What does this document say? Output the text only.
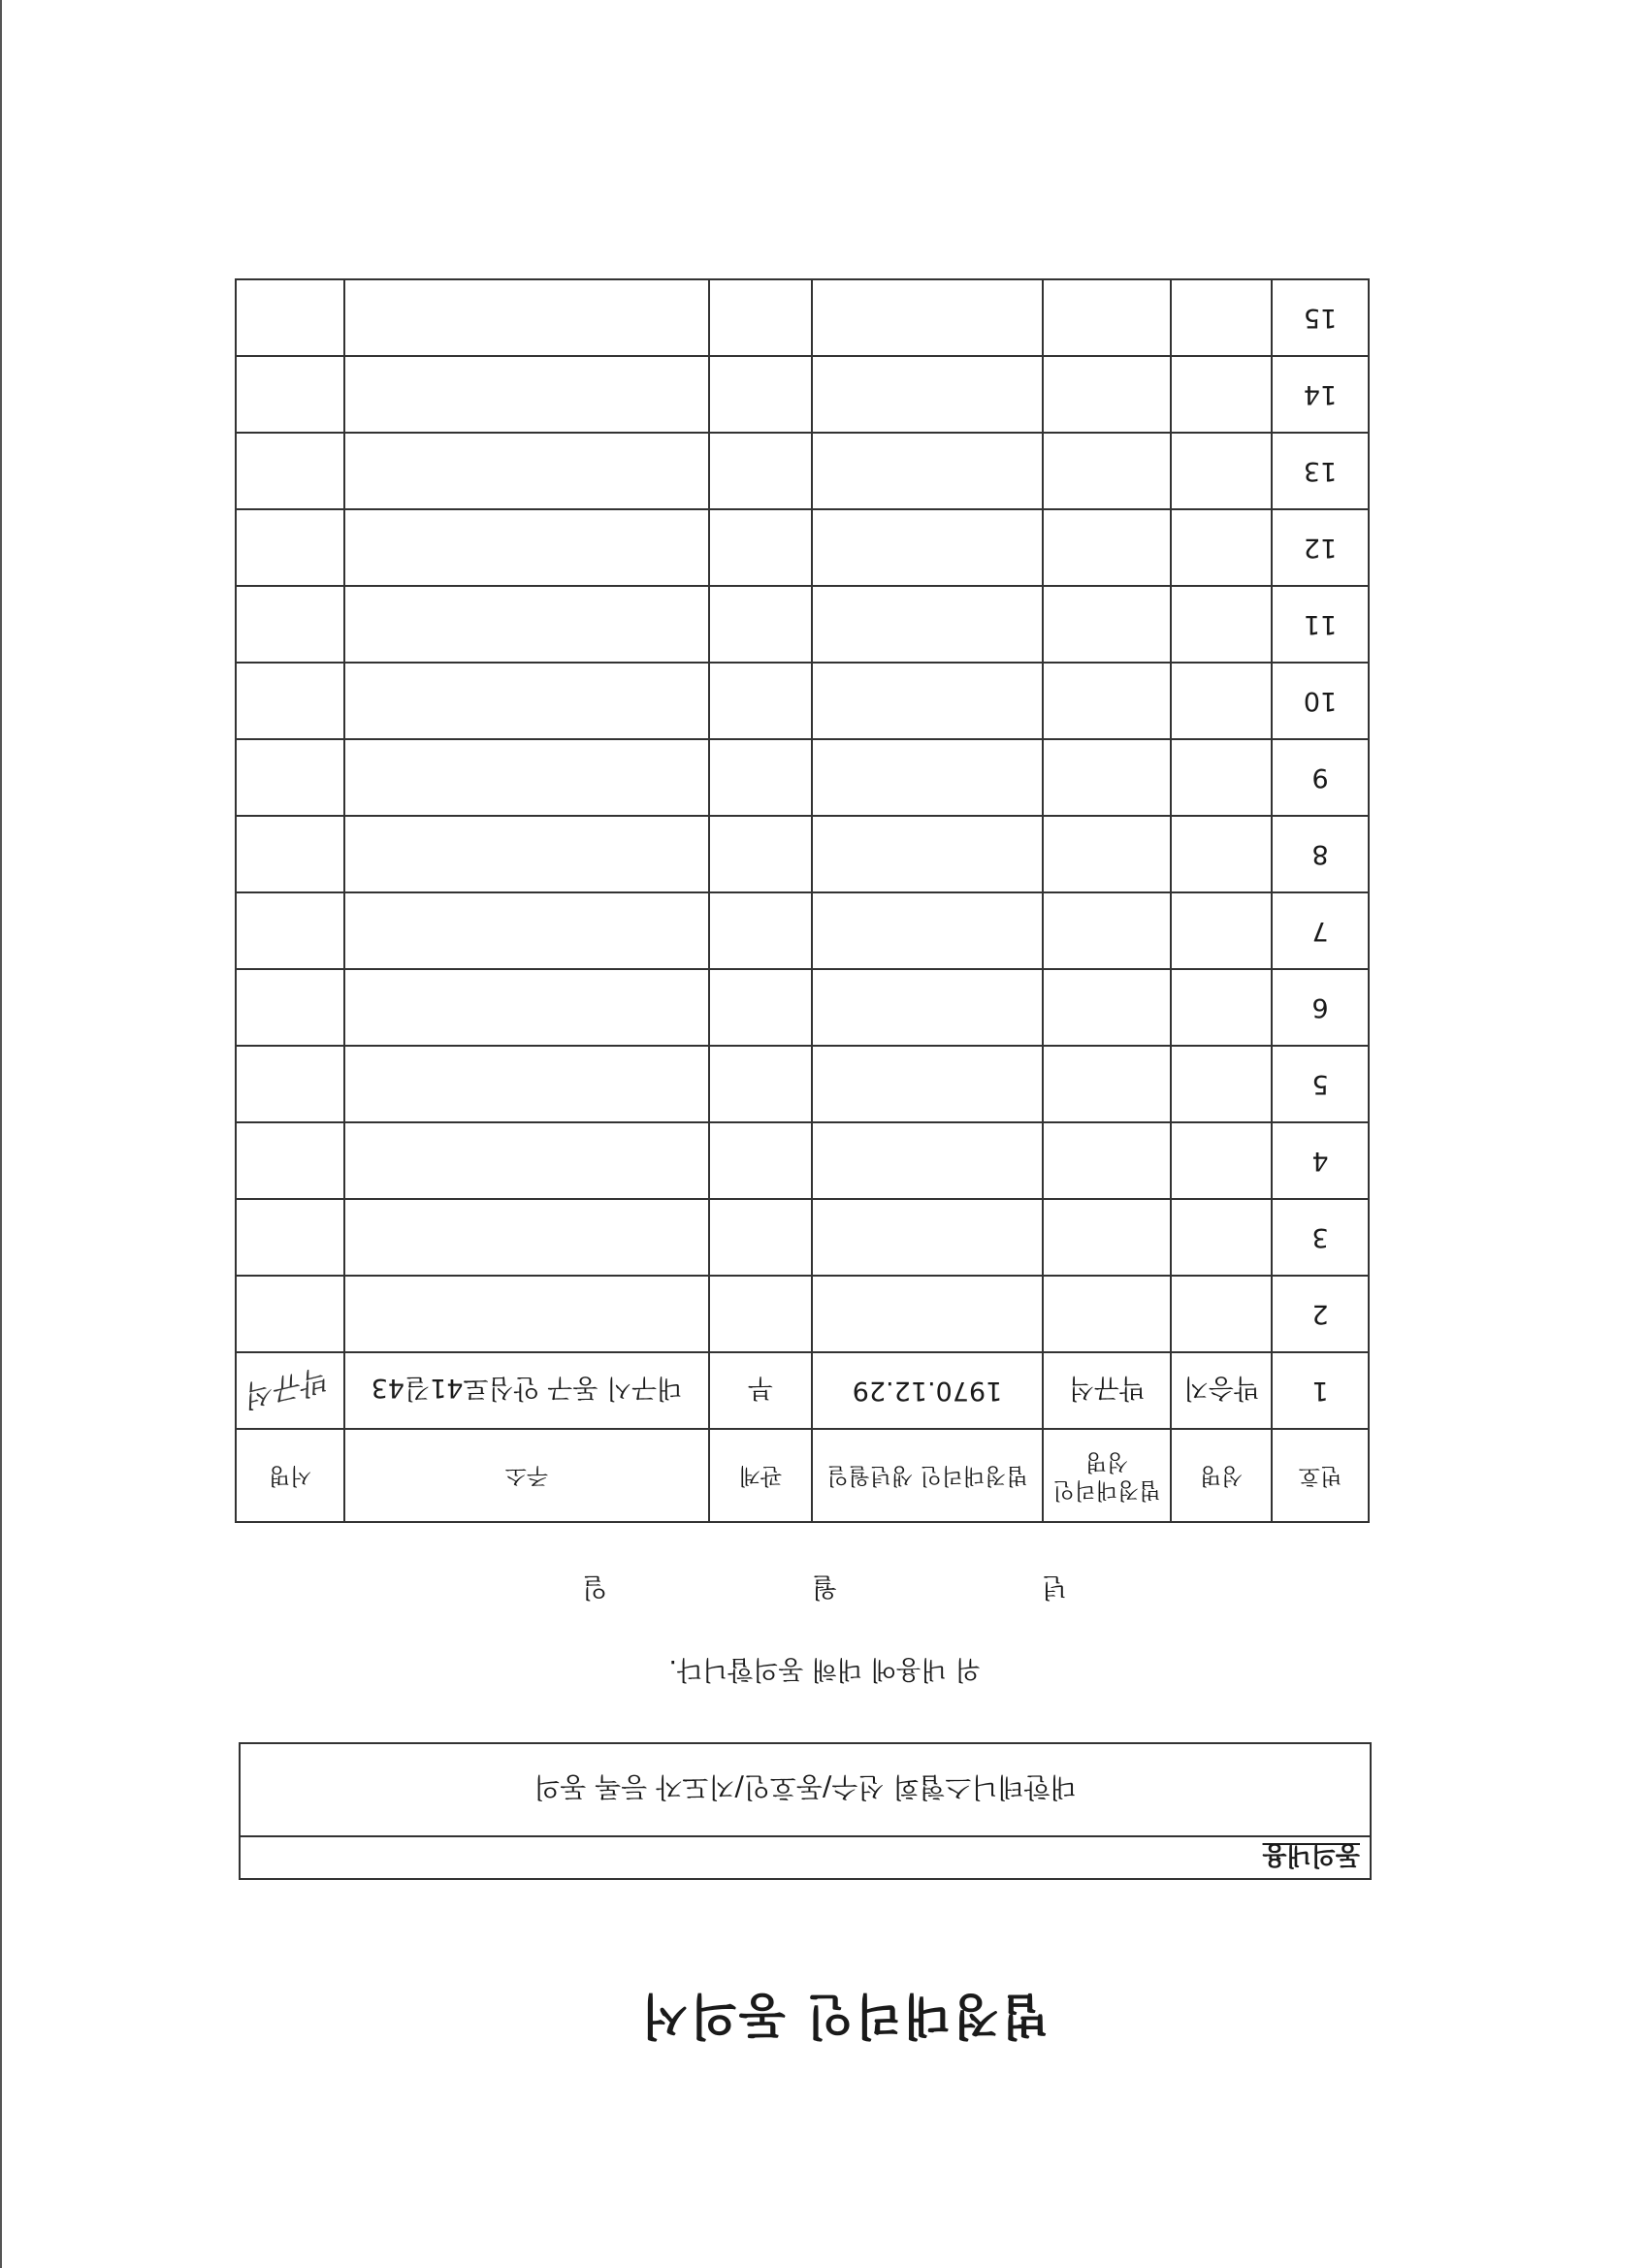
법정대리인 동의서
동의내용
대한테니스협회 선수/동호인/지도자 등록 동의
위 내용에 대해 동의합니다.
년
월
일
번호	성명	법정대리인 성명	법정대리인 생년월일	관계	주소	서명
1	박승지	박규석	1970.12.29	부	대구시 동구 안심로41길43	박규석
2						
3						
4						
5						
6						
7						
8						
9						
10						
11						
12						
13						
14						
15						
